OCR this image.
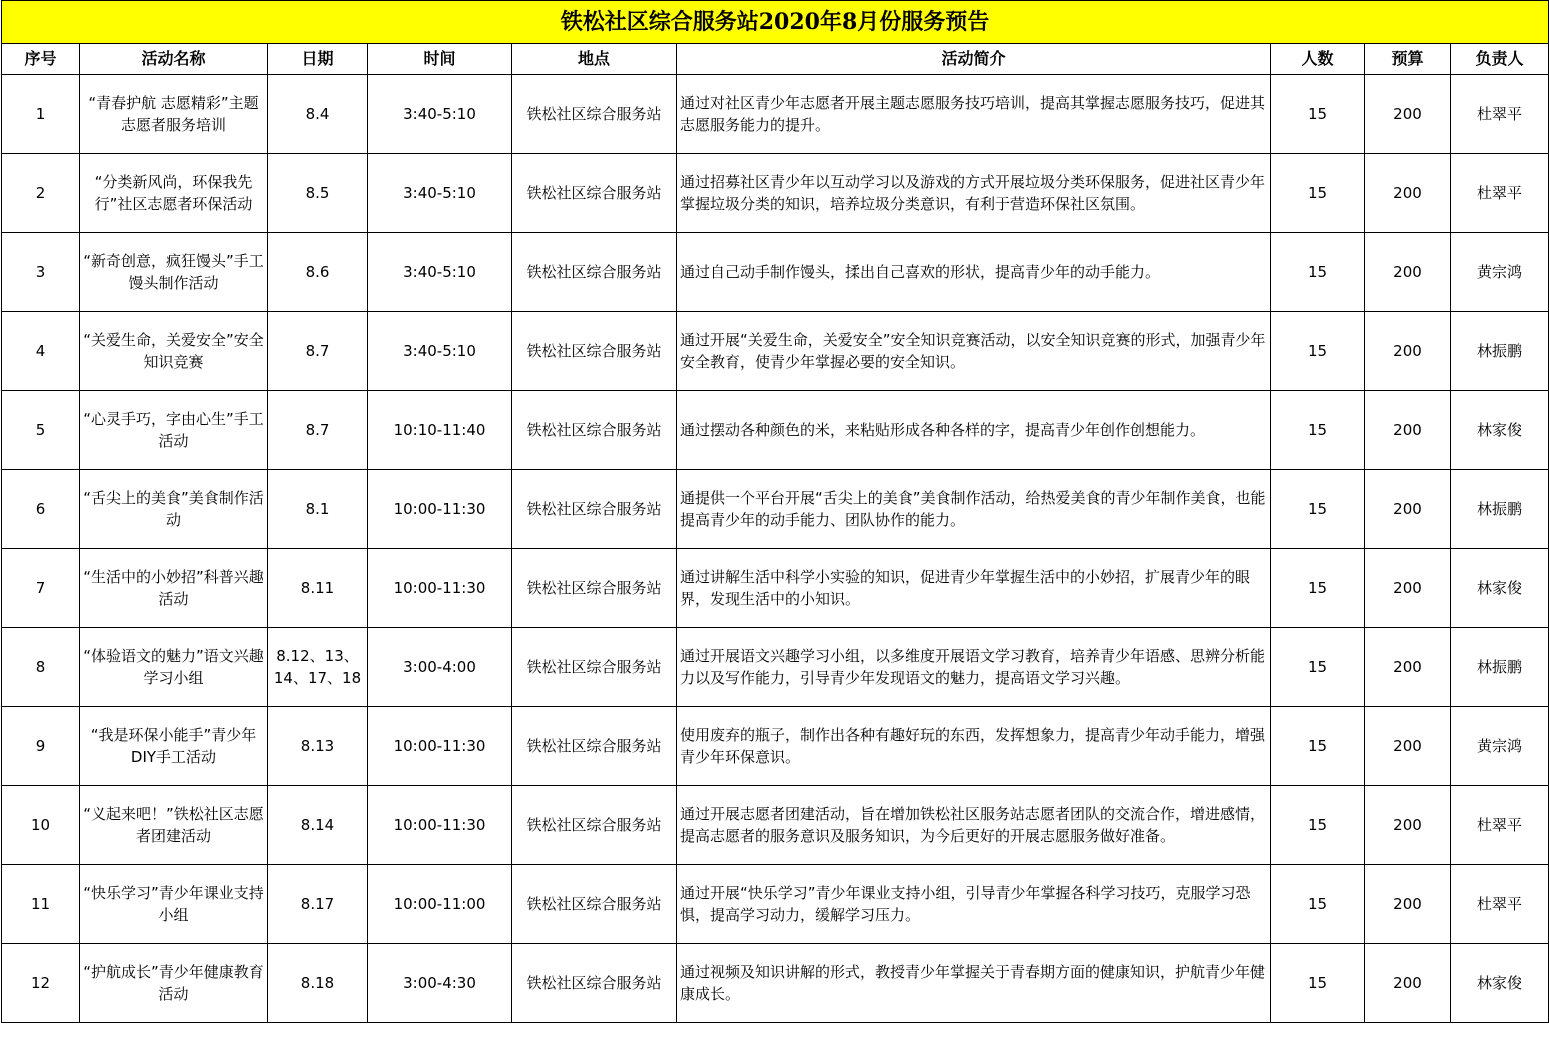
铁松社区综合服务站2020年8月份服务预告								
序号	活动名称	日期	时间	地点	活动简介	人数	预算	负责人
1	“青春护航 志愿精彩”主题志愿者服务培训	8.4	3:40-5:10	铁松社区综合服务站	通过对社区青少年志愿者开展主题志愿服务技巧培训，提高其掌握志愿服务技巧，促进其志愿服务能力的提升。	15	200	杜翠平
2	“分类新风尚，环保我先行”社区志愿者环保活动	8.5	3:40-5:10	铁松社区综合服务站	通过招募社区青少年以互动学习以及游戏的方式开展垃圾分类环保服务，促进社区青少年掌握垃圾分类的知识，培养垃圾分类意识，有利于营造环保社区氛围。	15	200	杜翠平
3	“新奇创意，疯狂馒头”手工馒头制作活动	8.6	3:40-5:10	铁松社区综合服务站	通过自己动手制作馒头，揉出自己喜欢的形状，提高青少年的动手能力。	15	200	黄宗鸿
4	“关爱生命，关爱安全”安全知识竞赛	8.7	3:40-5:10	铁松社区综合服务站	通过开展“关爱生命，关爱安全”安全知识竞赛活动，以安全知识竞赛的形式，加强青少年安全教育，使青少年掌握必要的安全知识。	15	200	林振鹏
5	“心灵手巧，字由心生”手工活动	8.7	10:10-11:40	铁松社区综合服务站	通过摆动各种颜色的米，来粘贴形成各种各样的字，提高青少年创作创想能力。	15	200	林家俊
6	“舌尖上的美食”美食制作活动	8.1	10:00-11:30	铁松社区综合服务站	通提供一个平台开展“舌尖上的美食”美食制作活动，给热爱美食的青少年制作美食，也能提高青少年的动手能力、团队协作的能力。	15	200	林振鹏
7	“生活中的小妙招”科普兴趣活动	8.11	10:00-11:30	铁松社区综合服务站	通过讲解生活中科学小实验的知识，促进青少年掌握生活中的小妙招，扩展青少年的眼界，发现生活中的小知识。	15	200	林家俊
8	“体验语文的魅力”语文兴趣学习小组	8.12、13、14、17、18	3:00-4:00	铁松社区综合服务站	通过开展语文兴趣学习小组，以多维度开展语文学习教育，培养青少年语感、思辨分析能力以及写作能力，引导青少年发现语文的魅力，提高语文学习兴趣。	15	200	林振鹏
9	“我是环保小能手”青少年DIY手工活动	8.13	10:00-11:30	铁松社区综合服务站	使用废弃的瓶子，制作出各种有趣好玩的东西，发挥想象力，提高青少年动手能力，增强青少年环保意识。	15	200	黄宗鸿
10	“义起来吧！”铁松社区志愿者团建活动	8.14	10:00-11:30	铁松社区综合服务站	通过开展志愿者团建活动，旨在增加铁松社区服务站志愿者团队的交流合作，增进感情，提高志愿者的服务意识及服务知识，为今后更好的开展志愿服务做好准备。	15	200	杜翠平
11	“快乐学习”青少年课业支持小组	8.17	10:00-11:00	铁松社区综合服务站	通过开展“快乐学习”青少年课业支持小组，引导青少年掌握各科学习技巧，克服学习恐惧，提高学习动力，缓解学习压力。	15	200	杜翠平
12	“护航成长”青少年健康教育活动	8.18	3:00-4:30	铁松社区综合服务站	通过视频及知识讲解的形式，教授青少年掌握关于青春期方面的健康知识，护航青少年健康成长。	15	200	林家俊
